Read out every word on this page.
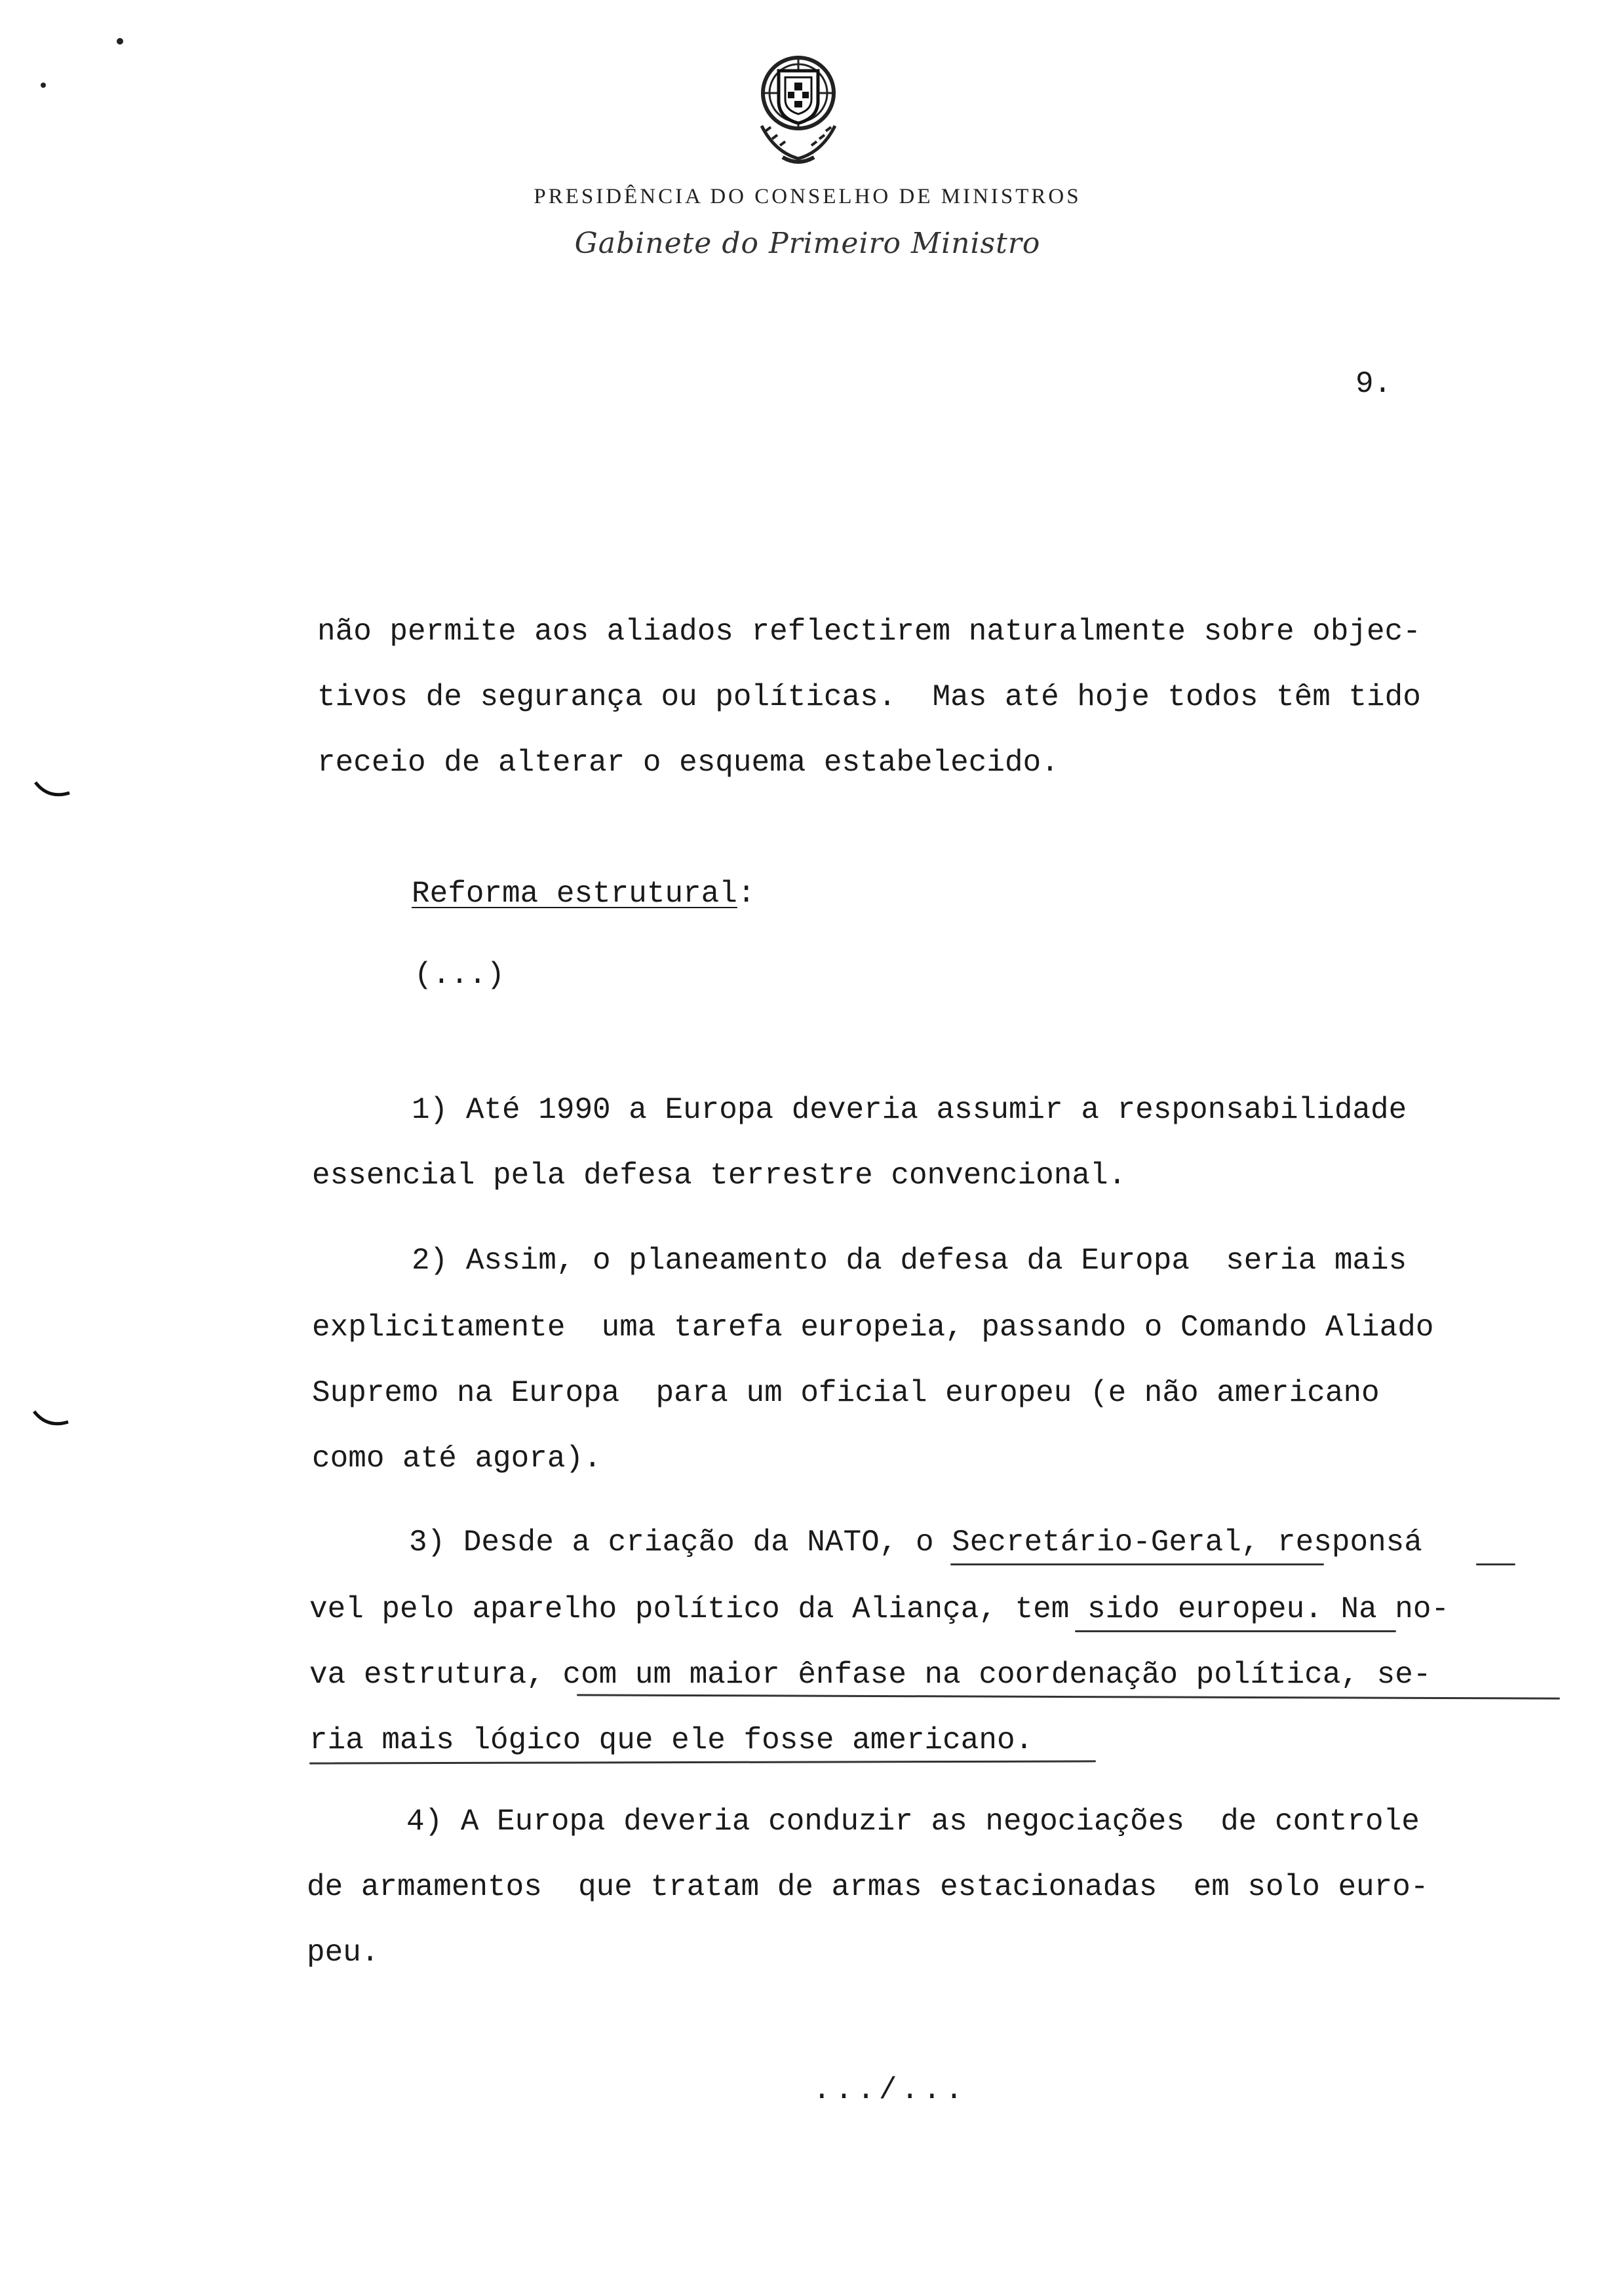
PRESIDÊNCIA DO CONSELHO DE MINISTROS
Gabinete do Primeiro Ministro
9.
não permite aos aliados reflectirem naturalmente sobre objec-
tivos de segurança ou políticas.  Mas até hoje todos têm tido
receio de alterar o esquema estabelecido.
Reforma estrutural:
(...)
1) Até 1990 a Europa deveria assumir a responsabilidade
essencial pela defesa terrestre convencional.
2) Assim, o planeamento da defesa da Europa  seria mais
explicitamente  uma tarefa europeia, passando o Comando Aliado
Supremo na Europa  para um oficial europeu (e não americano
como até agora).
3) Desde a criação da NATO, o Secretário-Geral, responsá
vel pelo aparelho político da Aliança, tem sido europeu. Na no-
va estrutura, com um maior ênfase na coordenação política, se-
ria mais lógico que ele fosse americano.
4) A Europa deveria conduzir as negociações  de controle
de armamentos  que tratam de armas estacionadas  em solo euro-
peu.
.../...
